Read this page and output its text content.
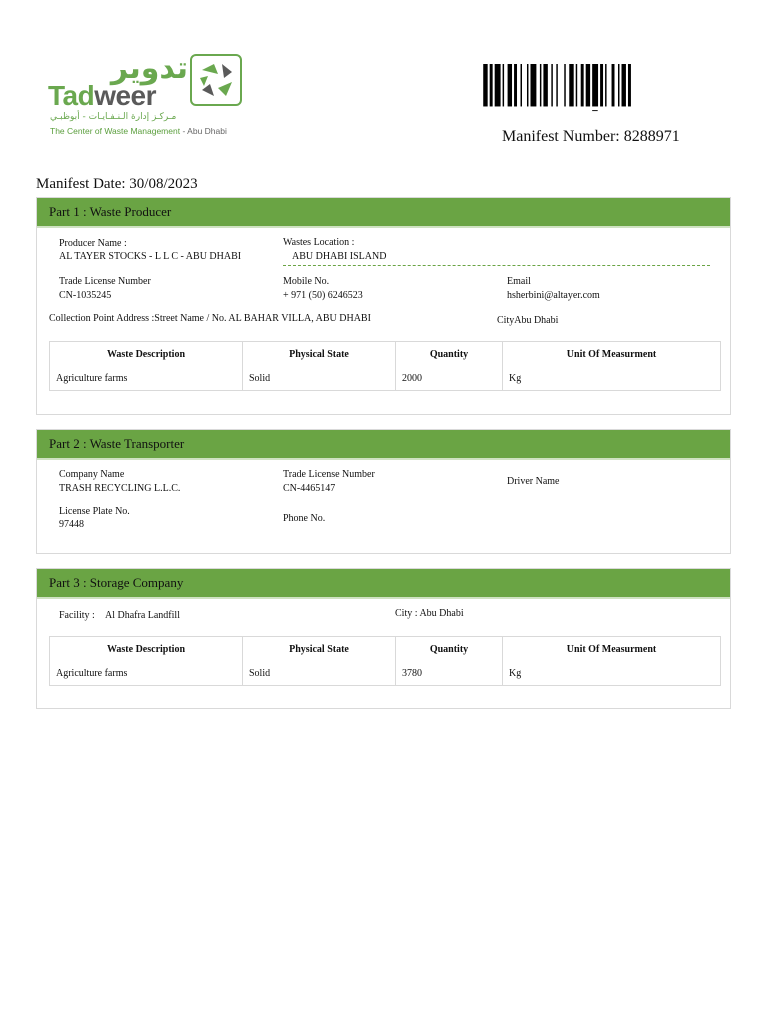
تدوير
Tadweer
مـركـز إدارة الـنـفـايـات - أبوظبـي
The Center of Waste Management - Abu Dhabi	Manifest Number: 8288971
Manifest Date: 30/08/2023
Part 1 : Waste Producer
Producer Name :
AL TAYER STOCKS - L L C - ABU DHABI
Wastes Location :
ABU DHABI ISLAND
Trade License Number
CN-1035245
Mobile No.
+ 971 (50) 6246523
Email
hsherbini@altayer.com
Collection Point Address :Street Name / No. AL BAHAR VILLA, ABU DHABI	CityAbu Dhabi
Waste Description	Physical State	Quantity	Unit Of Measurment
Agriculture farms	Solid	2000	Kg
Part 2 : Waste Transporter
Company Name
TRASH RECYCLING L.L.C.
Trade License Number
CN-4465147
Driver Name
License Plate No.
97448
Phone No.
Part 3 : Storage Company
Facility : Al Dhafra Landfill	City : Abu Dhabi
Waste Description	Physical State	Quantity	Unit Of Measurment
Agriculture farms	Solid	3780	Kg
